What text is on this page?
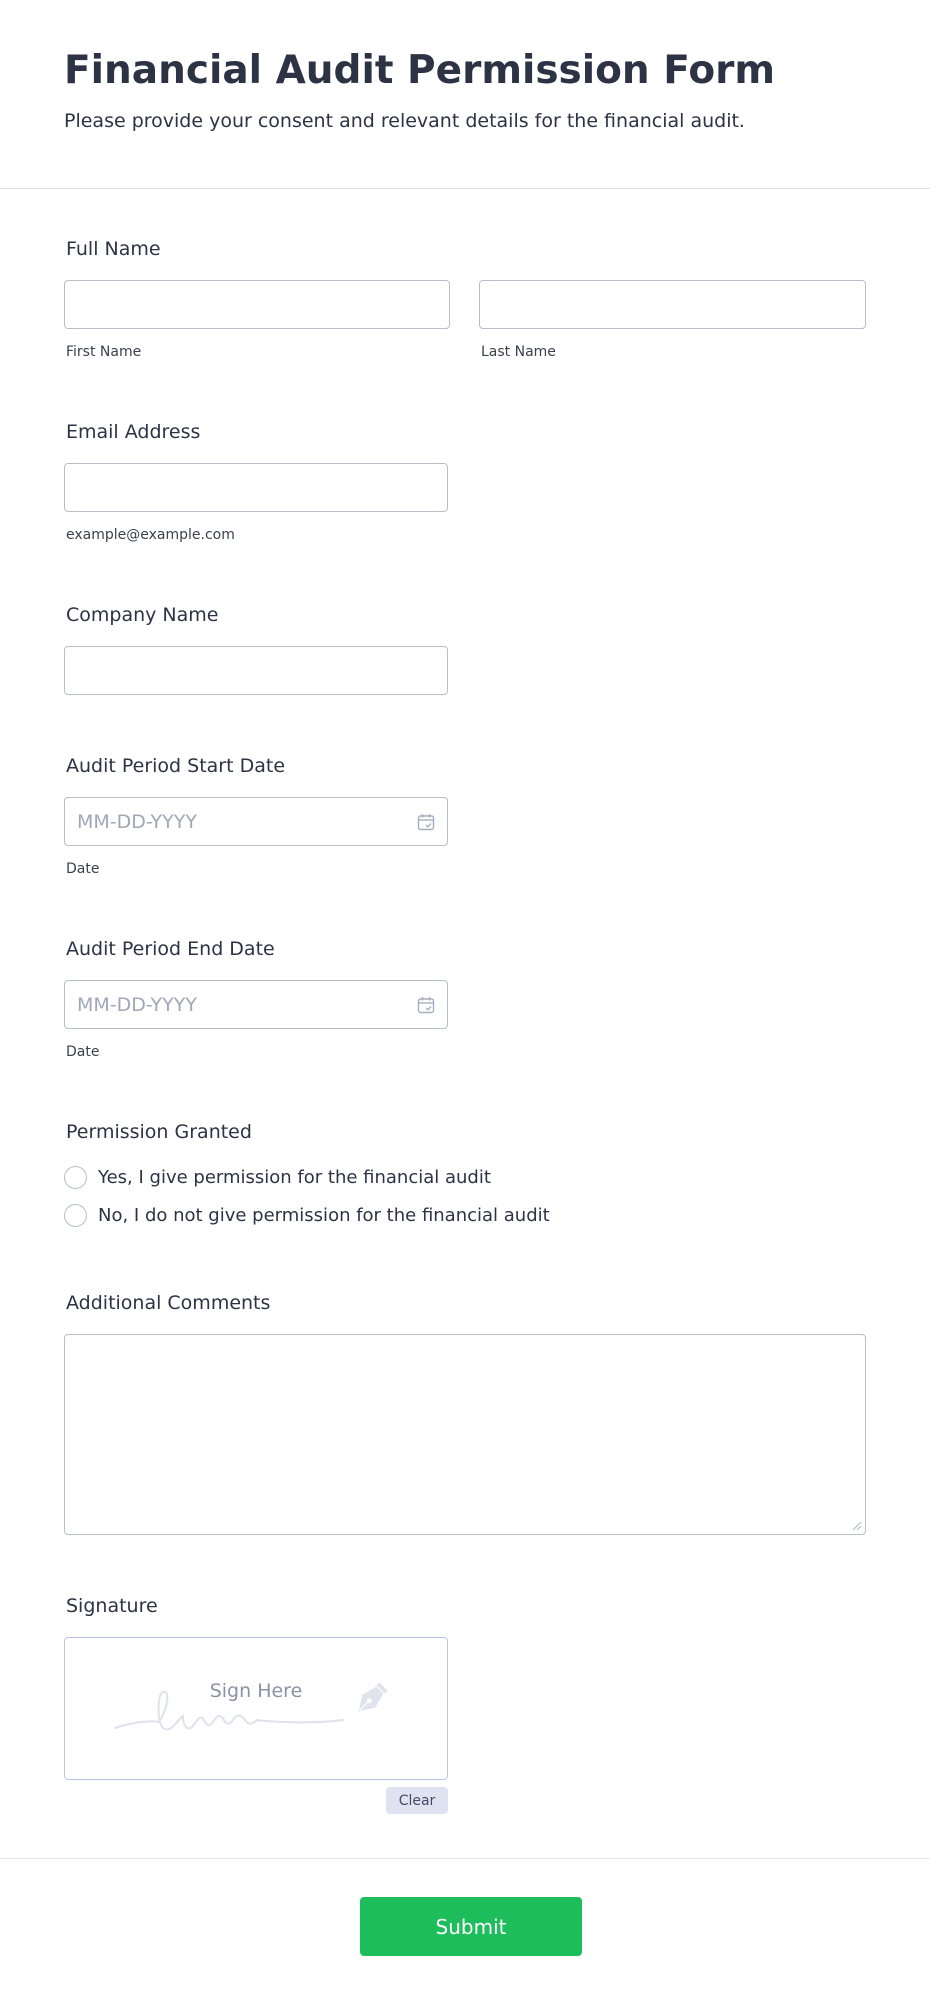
Financial Audit Permission Form

Please provide your consent and relevant details for the financial audit.

Full Name
First Name	Last Name
Email Address
example@example.com
Company Name
Audit Period Start Date
MM-DD-YYYY
Date
Audit Period End Date
MM-DD-YYYY
Date
Permission Granted
Yes, I give permission for the financial audit
No, I do not give permission for the financial audit
Additional Comments
Signature
Sign Here
Clear
Submit
